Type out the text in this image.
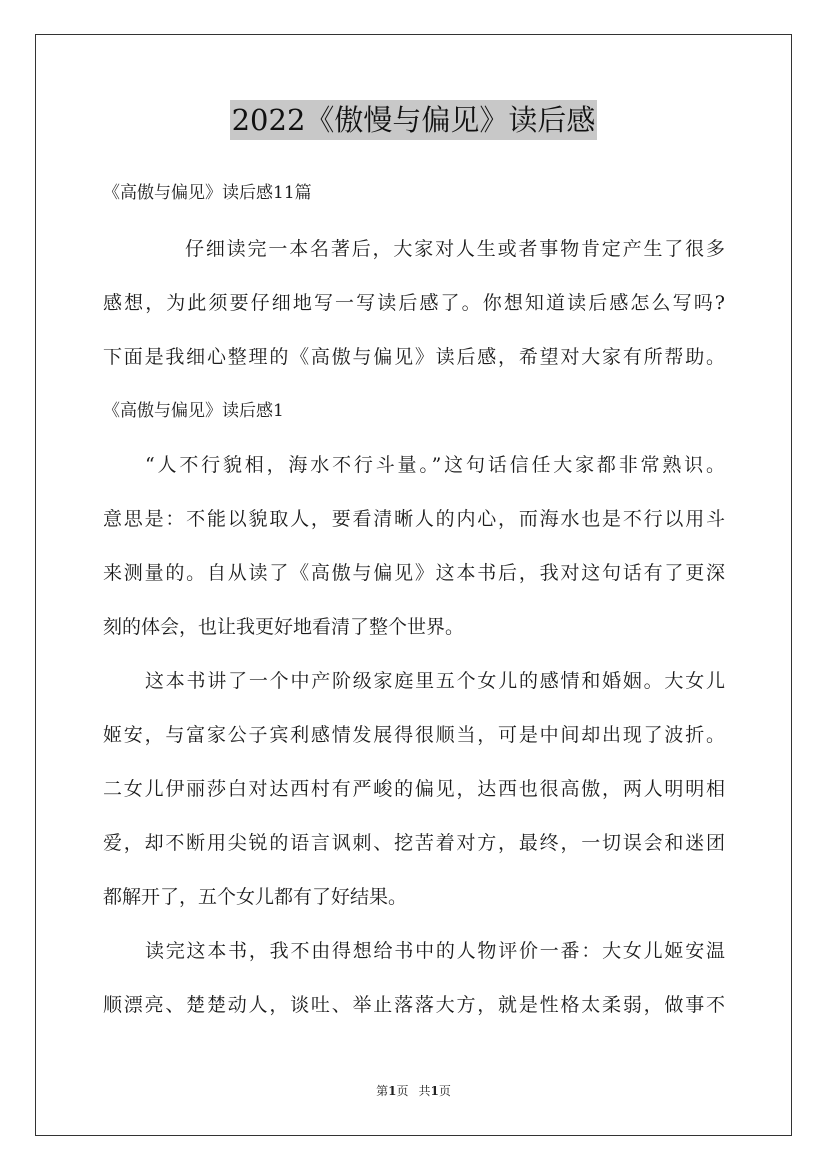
2022《傲慢与偏见》读后感
《高傲与偏见》读后感11篇
仔细读完一本名著后，大家对人生或者事物肯定产生了很多
感想，为此须要仔细地写一写读后感了。你想知道读后感怎么写吗?
下面是我细心整理的《高傲与偏见》读后感，希望对大家有所帮助。
《高傲与偏见》读后感1
“人不行貌相，海水不行斗量。”这句话信任大家都非常熟识。
意思是：不能以貌取人，要看清晰人的内心，而海水也是不行以用斗
来测量的。自从读了《高傲与偏见》这本书后，我对这句话有了更深
刻的体会，也让我更好地看清了整个世界。
这本书讲了一个中产阶级家庭里五个女儿的感情和婚姻。大女儿
姬安，与富家公子宾利感情发展得很顺当，可是中间却出现了波折。
二女儿伊丽莎白对达西村有严峻的偏见，达西也很高傲，两人明明相
爱，却不断用尖锐的语言讽刺、挖苦着对方，最终，一切误会和迷团
都解开了，五个女儿都有了好结果。
读完这本书，我不由得想给书中的人物评价一番：大女儿姬安温
顺漂亮、楚楚动人，谈吐、举止落落大方，就是性格太柔弱，做事不
第1页 共1页
